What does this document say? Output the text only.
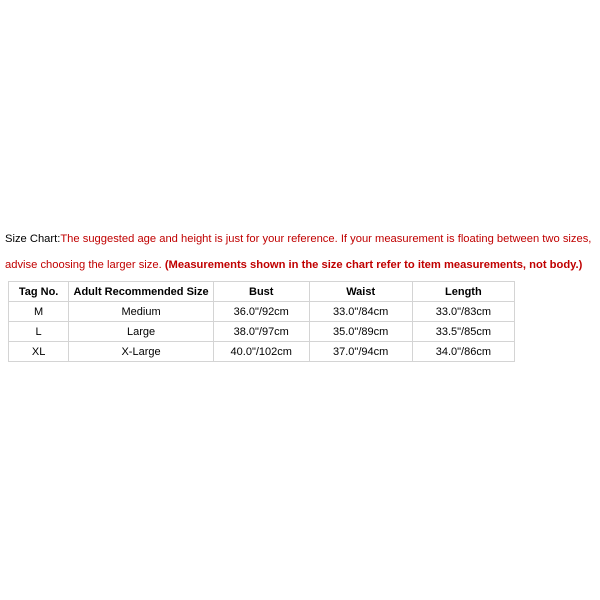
Size Chart:The suggested age and height is just for your reference. If your measurement is floating between two sizes,
advise choosing the larger size. (Measurements shown in the size chart refer to item measurements, not body.)
Tag No.	Adult Recommended Size	Bust	Waist	Length
M	Medium	36.0"/92cm	33.0"/84cm	33.0"/83cm
L	Large	38.0"/97cm	35.0"/89cm	33.5"/85cm
XL	X-Large	40.0"/102cm	37.0"/94cm	34.0"/86cm
